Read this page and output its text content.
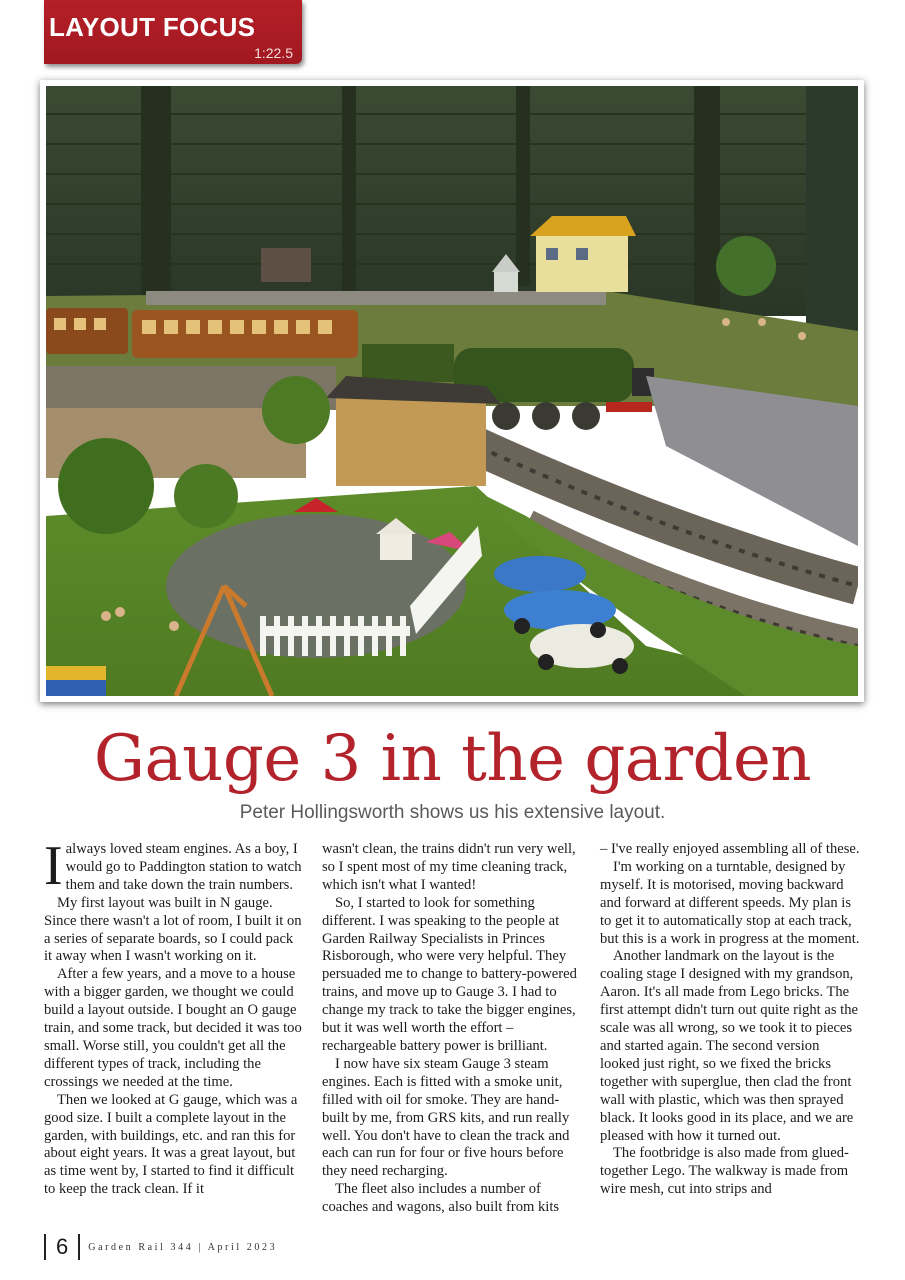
LAYOUT FOCUS
1:22.5
Gauge 3 in the garden

Peter Hollingsworth shows us his extensive layout.

Ialways loved steam engines. As a boy, I would go to Paddington station to watch them and take down the train numbers.

My first layout was built in N gauge. Since there wasn't a lot of room, I built it on a series of separate boards, so I could pack it away when I wasn't working on it.

After a few years, and a move to a house with a bigger garden, we thought we could build a layout outside. I bought an O gauge train, and some track, but decided it was too small. Worse still, you couldn't get all the different types of track, including the crossings we needed at the time.

Then we looked at G gauge, which was a good size. I built a complete layout in the garden, with buildings, etc. and ran this for about eight years. It was a great layout, but as time went by, I started to find it difficult to keep the track clean. If it

wasn't clean, the trains didn't run very well, so I spent most of my time cleaning track, which isn't what I wanted!

So, I started to look for something different. I was speaking to the people at Garden Railway Specialists in Princes Risborough, who were very helpful. They persuaded me to change to battery-powered trains, and move up to Gauge 3. I had to change my track to take the bigger engines, but it was well worth the effort – rechargeable battery power is brilliant.

I now have six steam Gauge 3 steam engines. Each is fitted with a smoke unit, filled with oil for smoke. They are hand-built by me, from GRS kits, and run really well. You don't have to clean the track and each can run for four or five hours before they need recharging.

The fleet also includes a number of coaches and wagons, also built from kits

– I've really enjoyed assembling all of these.

I'm working on a turntable, designed by myself. It is motorised, moving backward and forward at different speeds. My plan is to get it to automatically stop at each track, but this is a work in progress at the moment.

Another landmark on the layout is the coaling stage I designed with my grandson, Aaron. It's all made from Lego bricks. The first attempt didn't turn out quite right as the scale was all wrong, so we took it to pieces and started again. The second version looked just right, so we fixed the bricks together with superglue, then clad the front wall with plastic, which was then sprayed black. It looks good in its place, and we are pleased with how it turned out.

The footbridge is also made from glued-together Lego. The walkway is made from wire mesh, cut into strips and

6	Garden Rail 344 | April 2023
